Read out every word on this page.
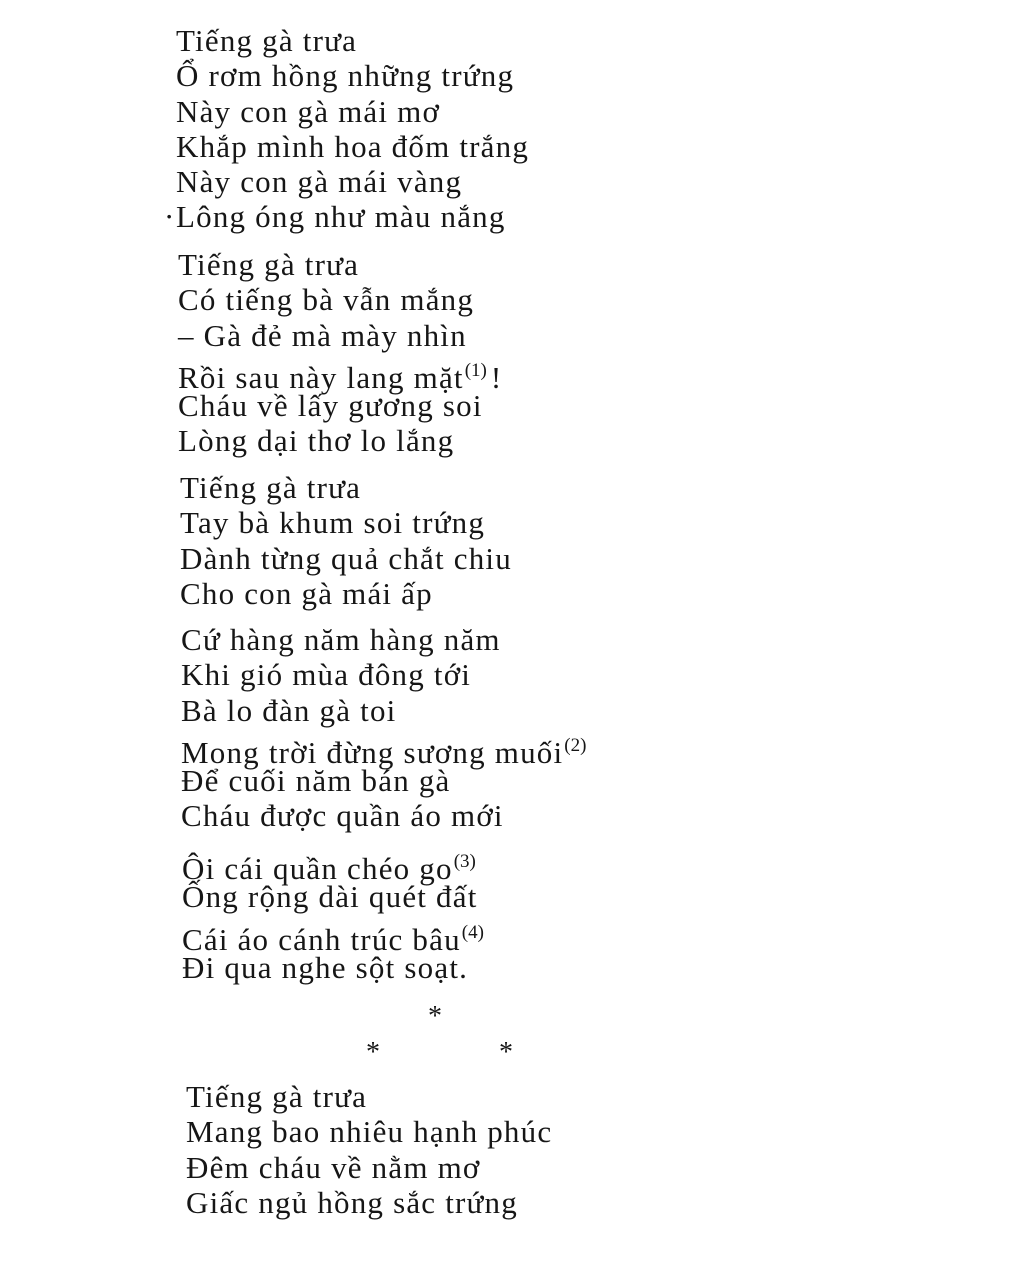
Tiếng gà trưa
Ổ rơm hồng những trứng
Này con gà mái mơ
Khắp mình hoa đốm trắng
Này con gà mái vàng
· Lông óng như màu nắng
Tiếng gà trưa
Có tiếng bà vẫn mắng
– Gà đẻ mà mày nhìn
Rồi sau này lang mặt$^{(1)}$ !
Cháu về lấy gương soi
Lòng dại thơ lo lắng
Tiếng gà trưa
Tay bà khum soi trứng
Dành từng quả chắt chiu
Cho con gà mái ấp
Cứ hàng năm hàng năm
Khi gió mùa đông tới
Bà lo đàn gà toi
Mong trời đừng sương muối$^{(2)}$
Để cuối năm bán gà
Cháu được quần áo mới
Ôi cái quần chéo go$^{(3)}$
Ống rộng dài quét đất
Cái áo cánh trúc bâu$^{(4)}$
Đi qua nghe sột soạt.
Tiếng gà trưa
Mang bao nhiêu hạnh phúc
Đêm cháu về nằm mơ
Giấc ngủ hồng sắc trứng
*
*	*
